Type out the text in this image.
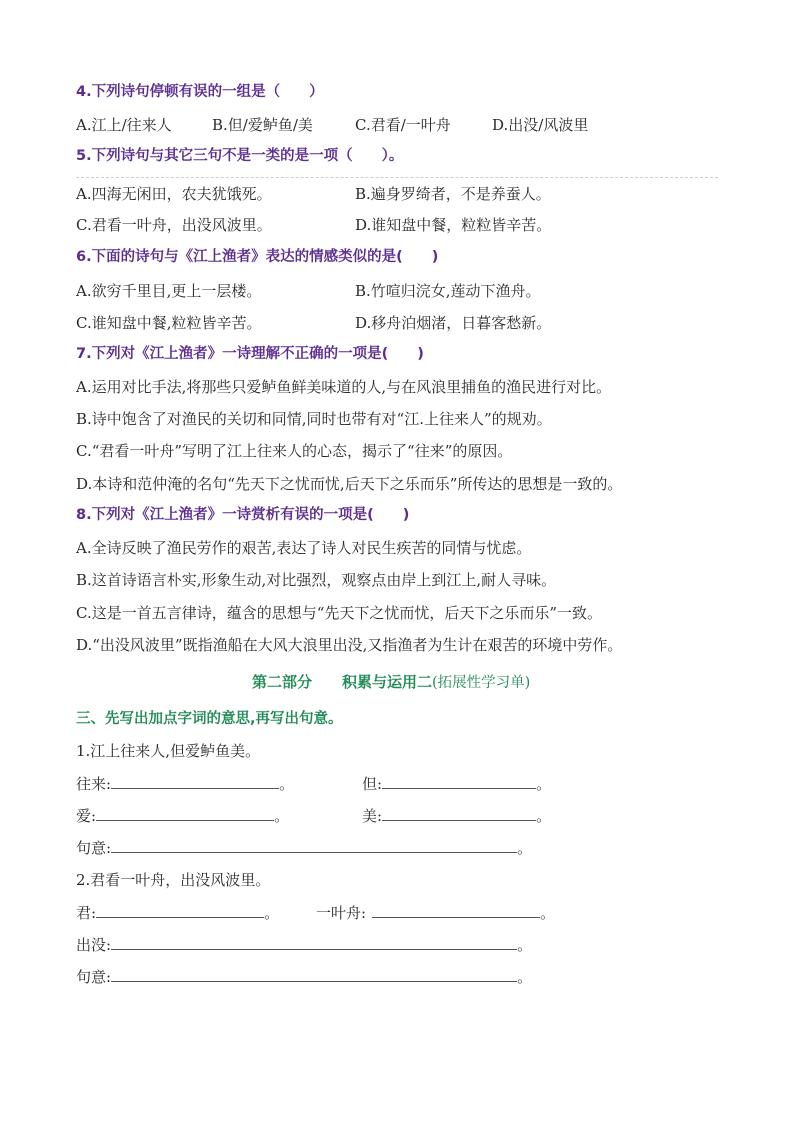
4.下列诗句停顿有误的一组是（　　）
A.江上/往来人	B.但/爱鲈鱼/美	C.君看/一叶舟	D.出没/风波里
5.下列诗句与其它三句不是一类的是一项（　　）。
A.四海无闲田，农夫犹饿死。	B.遍身罗绮者，不是养蚕人。
C.君看一叶舟，出没风波里。	D.谁知盘中餐，粒粒皆辛苦。
6.下面的诗句与《江上渔者》表达的情感类似的是(　　)
A.欲穷千里目,更上一层楼。	B.竹喧归浣女,莲动下渔舟。
C.谁知盘中餐,粒粒皆辛苦。	D.移舟泊烟渚，日暮客愁新。
7.下列对《江上渔者》一诗理解不正确的一项是(　　)
A.运用对比手法,将那些只爱鲈鱼鲜美味道的人,与在风浪里捕鱼的渔民进行对比。
B.诗中饱含了对渔民的关切和同情,同时也带有对“江.上往来人”的规劝。
C.“君看一叶舟”写明了江上往来人的心态，揭示了“往来”的原因。
D.本诗和范仲淹的名句“先天下之忧而忧,后天下之乐而乐”所传达的思想是一致的。
8.下列对《江上渔者》一诗赏析有误的一项是(　　)
A.全诗反映了渔民劳作的艰苦,表达了诗人对民生疾苦的同情与忧虑。
B.这首诗语言朴实,形象生动,对比强烈，观察点由岸上到江上,耐人寻味。
C.这是一首五言律诗，蕴含的思想与“先天下之忧而忧，后天下之乐而乐”一致。
D.“出没风波里”既指渔船在大风大浪里出没,又指渔者为生计在艰苦的环境中劳作。
第二部分　　积累与运用二(拓展性学习单)
三、先写出加点字词的意思,再写出句意。
1.江上往来人,但爱鲈鱼美。
往来:	。	但:	。
爱:	。	美:	。
句意:	。
2.君看一叶舟，出没风波里。
君:	。 一叶舟:	。
出没:	。
句意:	。
